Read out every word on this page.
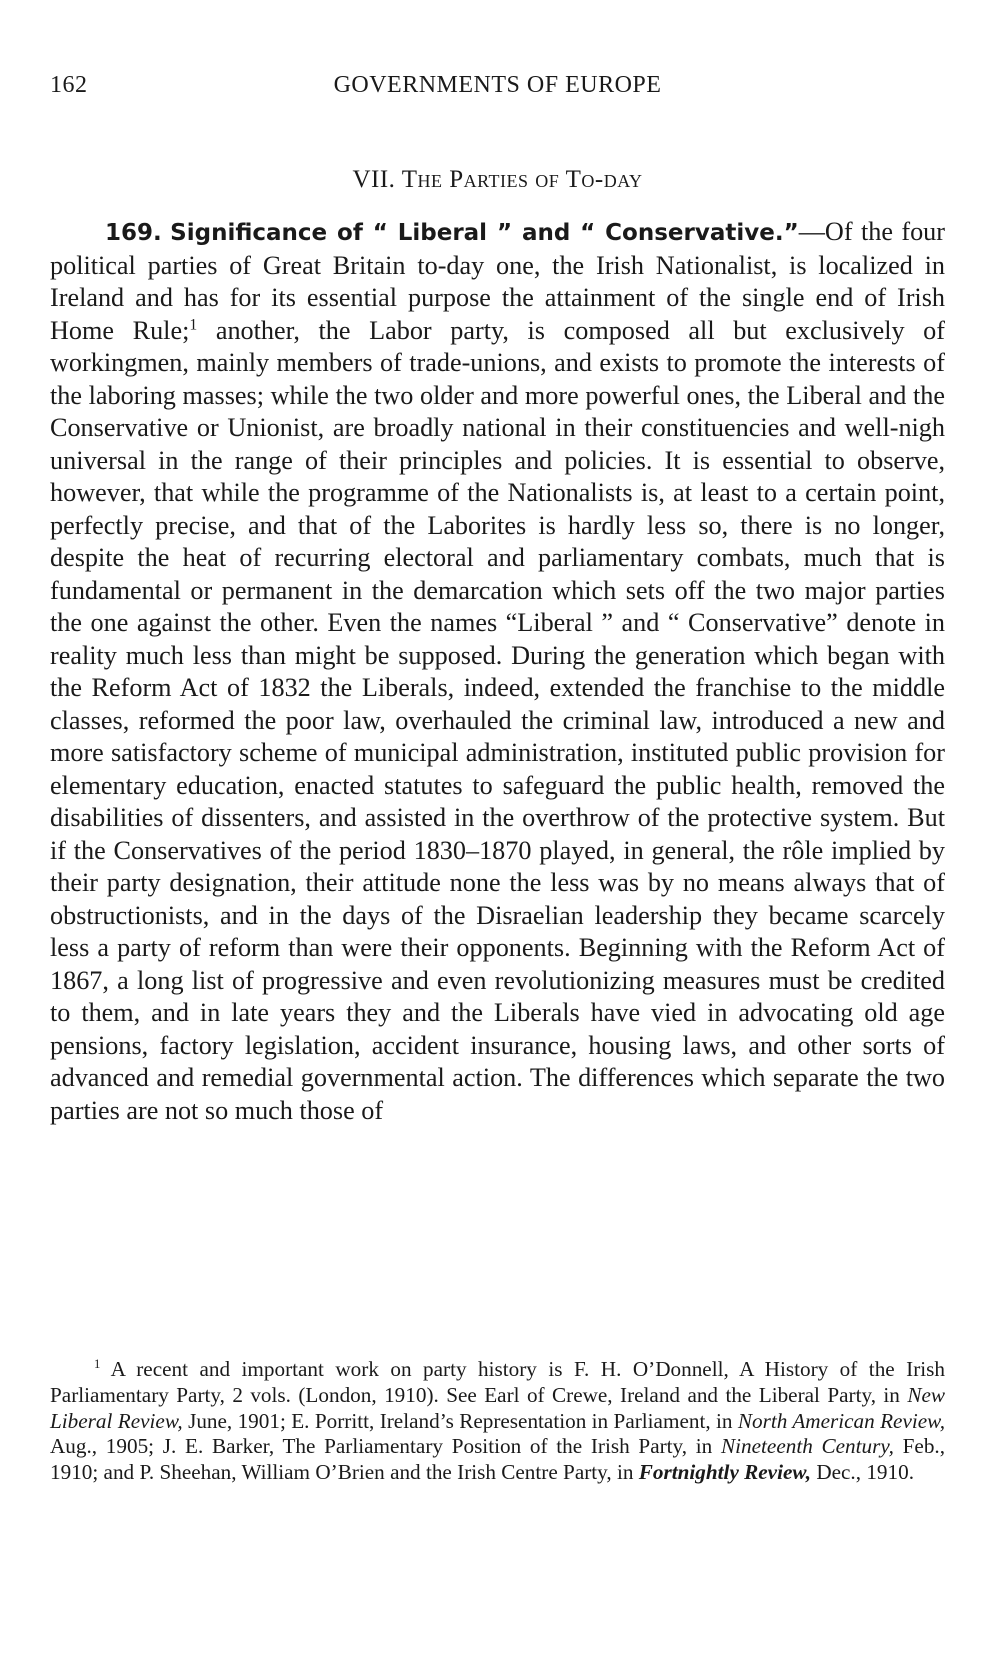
162	GOVERNMENTS OF EUROPE
VII. The Parties of To-day

169. Significance of “ Liberal ” and “ Conservative.”—Of the four political parties of Great Britain to-day one, the Irish Nationalist, is localized in Ireland and has for its essential purpose the attainment of the single end of Irish Home Rule;$^1$ another, the Labor party, is composed all but exclusively of workingmen, mainly members of trade-unions, and exists to promote the interests of the laboring masses; while the two older and more powerful ones, the Liberal and the Conservative or Unionist, are broadly national in their constituencies and well-nigh universal in the range of their principles and policies. It is essential to observe, however, that while the programme of the Nationalists is, at least to a certain point, perfectly precise, and that of the Laborites is hardly less so, there is no longer, despite the heat of recurring electoral and parliamentary combats, much that is fundamental or permanent in the demarcation which sets off the two major parties the one against the other. Even the names “Liberal ” and “ Conservative” denote in reality much less than might be supposed. During the generation which began with the Reform Act of 1832 the Liberals, indeed, extended the franchise to the middle classes, reformed the poor law, overhauled the criminal law, introduced a new and more satisfactory scheme of municipal administration, instituted public provision for elementary education, enacted statutes to safeguard the public health, removed the disabilities of dissenters, and assisted in the overthrow of the protective system. But if the Conservatives of the period 1830–1870 played, in general, the rôle implied by their party designation, their attitude none the less was by no means always that of obstructionists, and in the days of the Disraelian leadership they became scarcely less a party of reform than were their opponents. Beginning with the Reform Act of 1867, a long list of progressive and even revolutionizing measures must be credited to them, and in late years they and the Liberals have vied in advocating old age pensions, factory legislation, accident insurance, housing laws, and other sorts of advanced and remedial governmental action. The differences which separate the two parties are not so much those of

$^1$ A recent and important work on party history is F. H. O’Donnell, A History of the Irish Parliamentary Party, 2 vols. (London, 1910). See Earl of Crewe, Ireland and the Liberal Party, in New Liberal Review, June, 1901; E. Porritt, Ireland’s Representation in Parliament, in North American Review, Aug., 1905; J. E. Barker, The Parliamentary Position of the Irish Party, in Nineteenth Century, Feb., 1910; and P. Sheehan, William O’Brien and the Irish Centre Party, in Fortnightly Review, Dec., 1910.
